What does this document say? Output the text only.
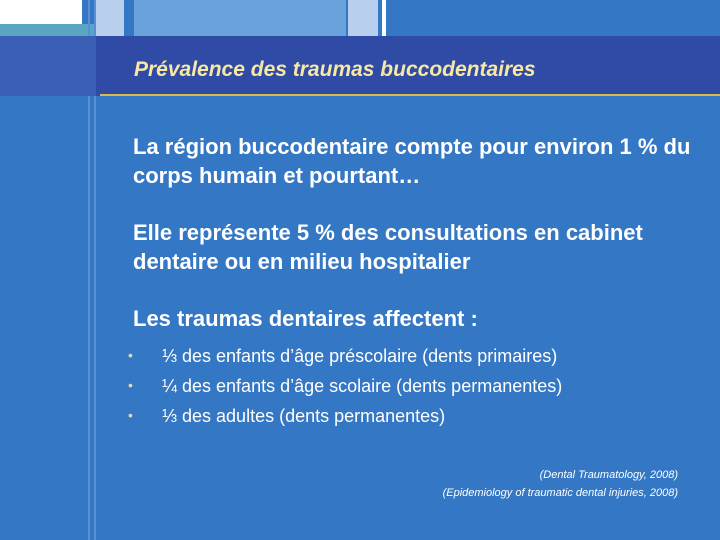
Prévalence des traumas buccodentaires
La région buccodentaire compte pour environ 1 % du corps humain et pourtant…
Elle représente 5 % des consultations en cabinet dentaire ou en milieu hospitalier
Les traumas dentaires affectent :
• ⅓ des enfants d’âge préscolaire (dents primaires)
• ¼ des enfants d’âge scolaire (dents permanentes)
• ⅓ des adultes (dents permanentes)
(Dental Traumatology, 2008)
(Epidemiology of traumatic dental injuries, 2008)
